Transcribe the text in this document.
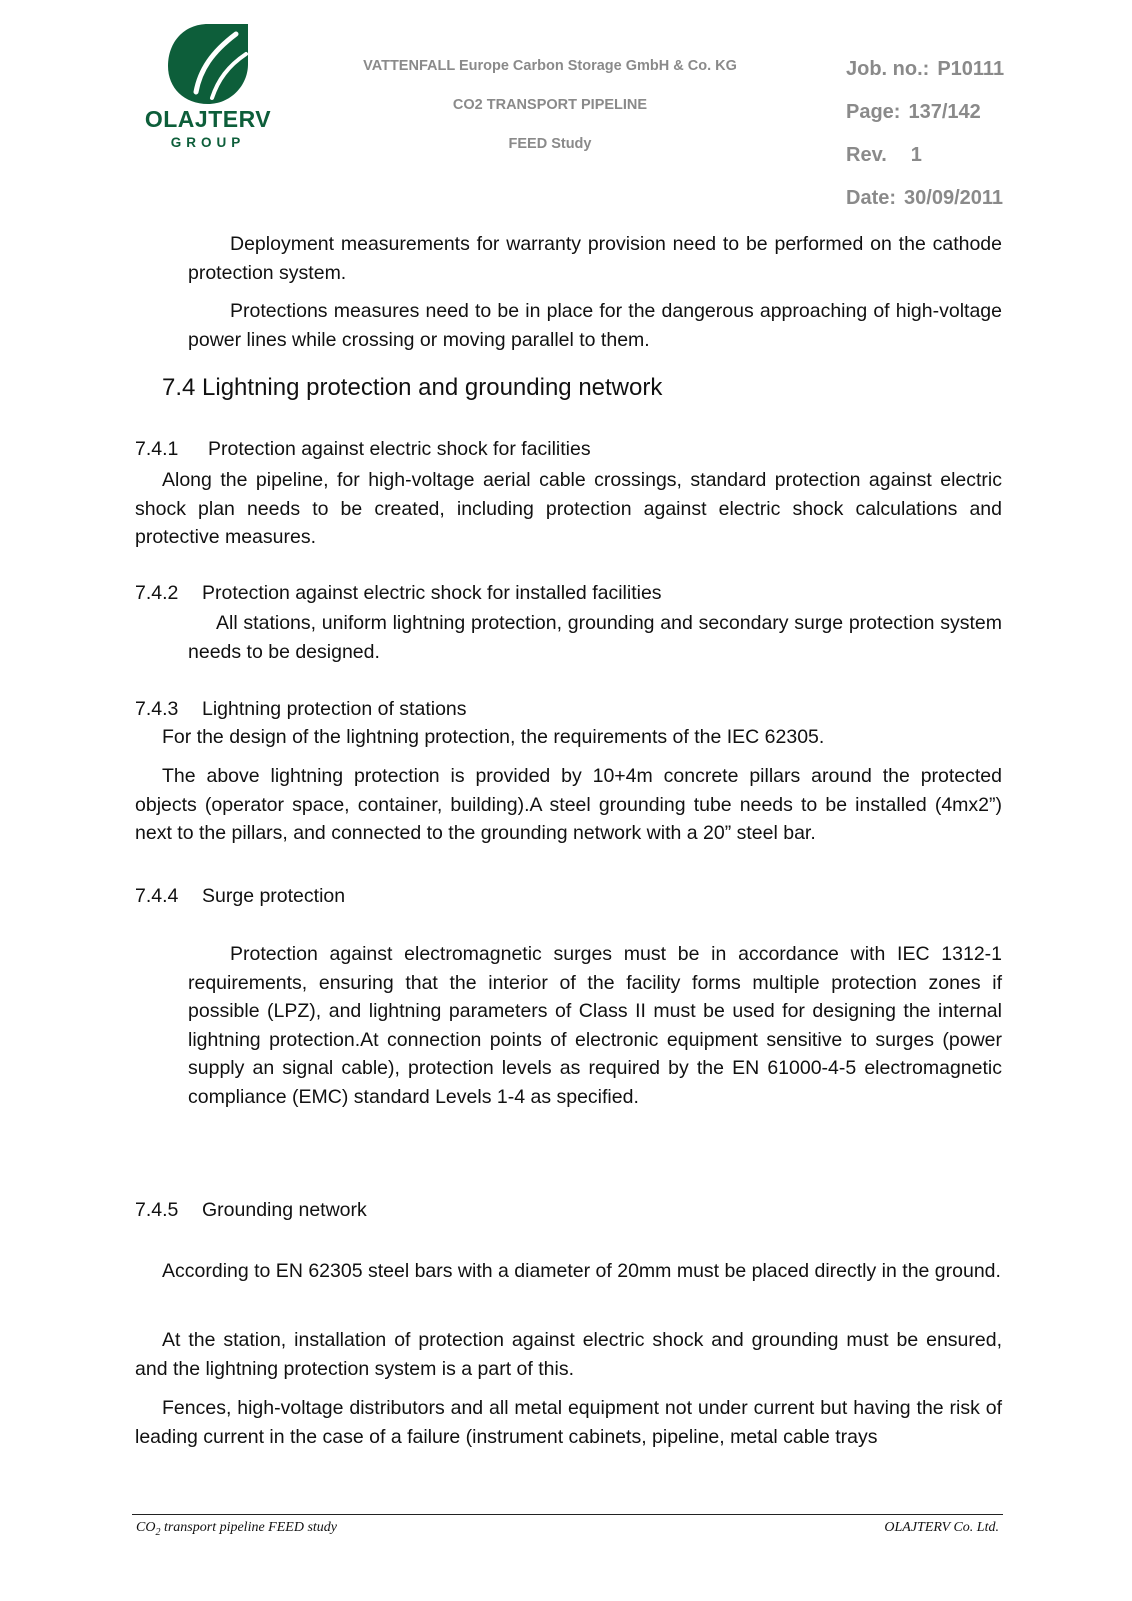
OLAJTERV
GROUP
VATTENFALL Europe Carbon Storage GmbH & Co. KG
CO2 TRANSPORT PIPELINE
FEED Study
Job. no.: P10111
Page: 137/142
Rev. 1
Date: 30/09/2011
Deployment measurements for warranty provision need to be performed on the cathode protection system.
Protections measures need to be in place for the dangerous approaching of high-voltage power lines while crossing or moving parallel to them.
7.4 Lightning protection and grounding network
7.4.1 Protection against electric shock for facilities
Along the pipeline, for high-voltage aerial cable crossings, standard protection against electric shock plan needs to be created, including protection against electric shock calculations and protective measures.
7.4.2 Protection against electric shock for installed facilities
All stations, uniform lightning protection, grounding and secondary surge protection system needs to be designed.
7.4.3 Lightning protection of stations
For the design of the lightning protection, the requirements of the IEC 62305.
The above lightning protection is provided by 10+4m concrete pillars around the protected objects (operator space, container, building).A steel grounding tube needs to be installed (4mx2”) next to the pillars, and connected to the grounding network with a 20” steel bar.
7.4.4 Surge protection
Protection against electromagnetic surges must be in accordance with IEC 1312-1 requirements, ensuring that the interior of the facility forms multiple protection zones if possible (LPZ), and lightning parameters of Class II must be used for designing the internal lightning protection.At connection points of electronic equipment sensitive to surges (power supply an signal cable), protection levels as required by the EN 61000-4-5 electromagnetic compliance (EMC) standard Levels 1-4 as specified.
7.4.5 Grounding network
According to EN 62305 steel bars with a diameter of 20mm must be placed directly in the ground.
At the station, installation of protection against electric shock and grounding must be ensured, and the lightning protection system is a part of this.
Fences, high-voltage distributors and all metal equipment not under current but having the risk of leading current in the case of a failure (instrument cabinets, pipeline, metal cable trays
$CO_2$ transport pipeline FEED study	OLAJTERV Co. Ltd.
